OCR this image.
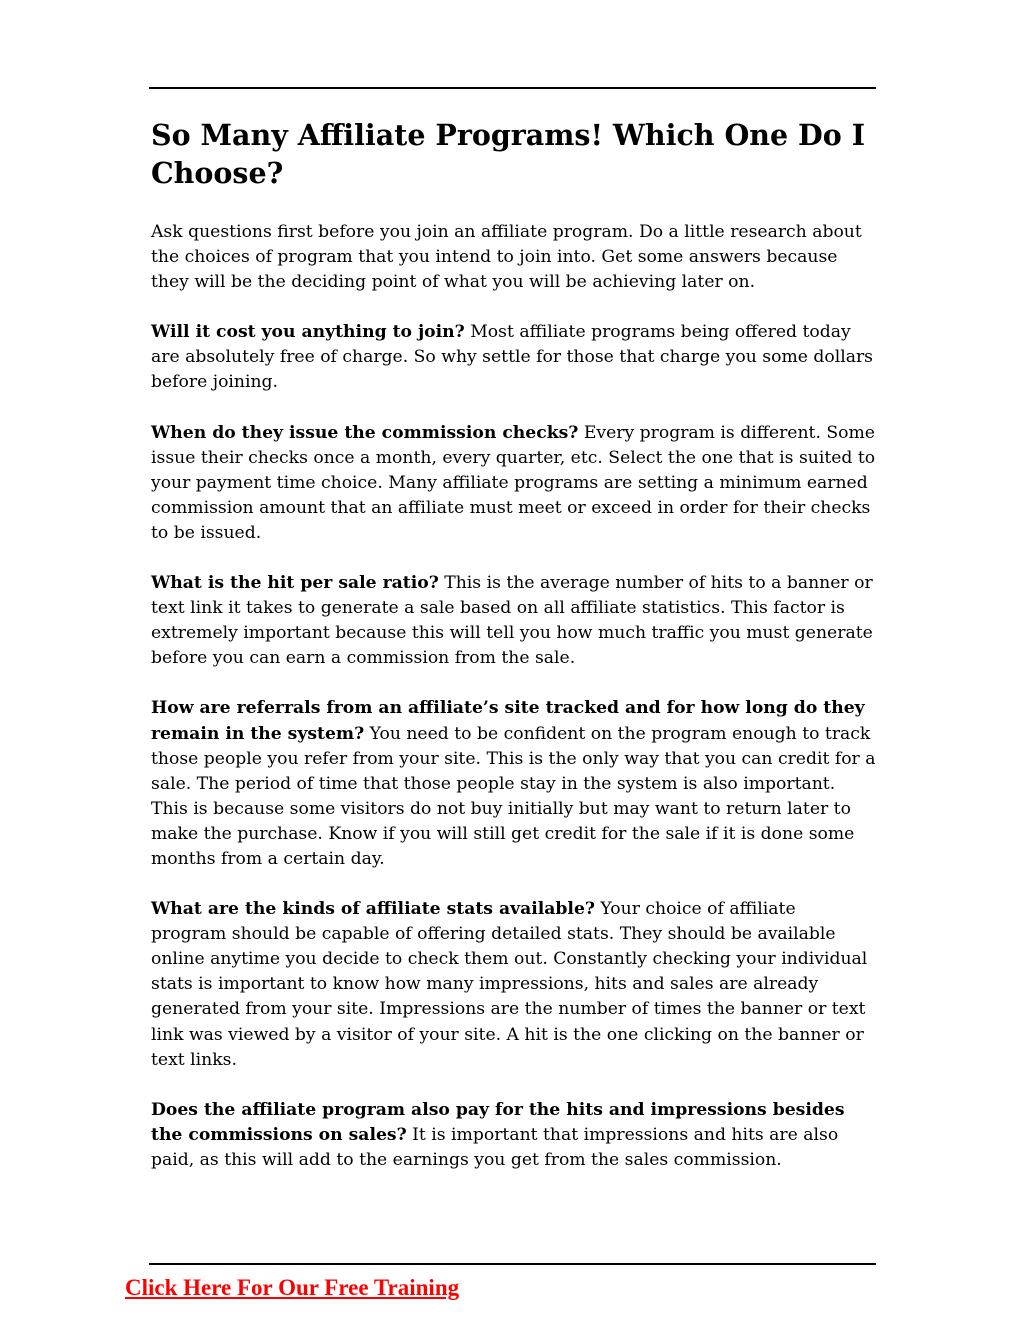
So Many Affiliate Programs! Which One Do I Choose?

Ask questions first before you join an affiliate program. Do a little research about the choices of program that you intend to join into. Get some answers because they will be the deciding point of what you will be achieving later on.

Will it cost you anything to join? Most affiliate programs being offered today are absolutely free of charge. So why settle for those that charge you some dollars before joining.

When do they issue the commission checks? Every program is different. Some issue their checks once a month, every quarter, etc. Select the one that is suited to your payment time choice. Many affiliate programs are setting a minimum earned commission amount that an affiliate must meet or exceed in order for their checks to be issued.

What is the hit per sale ratio? This is the average number of hits to a banner or text link it takes to generate a sale based on all affiliate statistics. This factor is extremely important because this will tell you how much traffic you must generate before you can earn a commission from the sale.

How are referrals from an affiliate’s site tracked and for how long do they remain in the system? You need to be confident on the program enough to track those people you refer from your site. This is the only way that you can credit for a sale. The period of time that those people stay in the system is also important. This is because some visitors do not buy initially but may want to return later to make the purchase. Know if you will still get credit for the sale if it is done some months from a certain day.

What are the kinds of affiliate stats available? Your choice of affiliate program should be capable of offering detailed stats. They should be available online anytime you decide to check them out. Constantly checking your individual stats is important to know how many impressions, hits and sales are already generated from your site. Impressions are the number of times the banner or text link was viewed by a visitor of your site. A hit is the one clicking on the banner or text links.

Does the affiliate program also pay for the hits and impressions besides the commissions on sales? It is important that impressions and hits are also paid, as this will add to the earnings you get from the sales commission.

Click Here For Our Free Training
